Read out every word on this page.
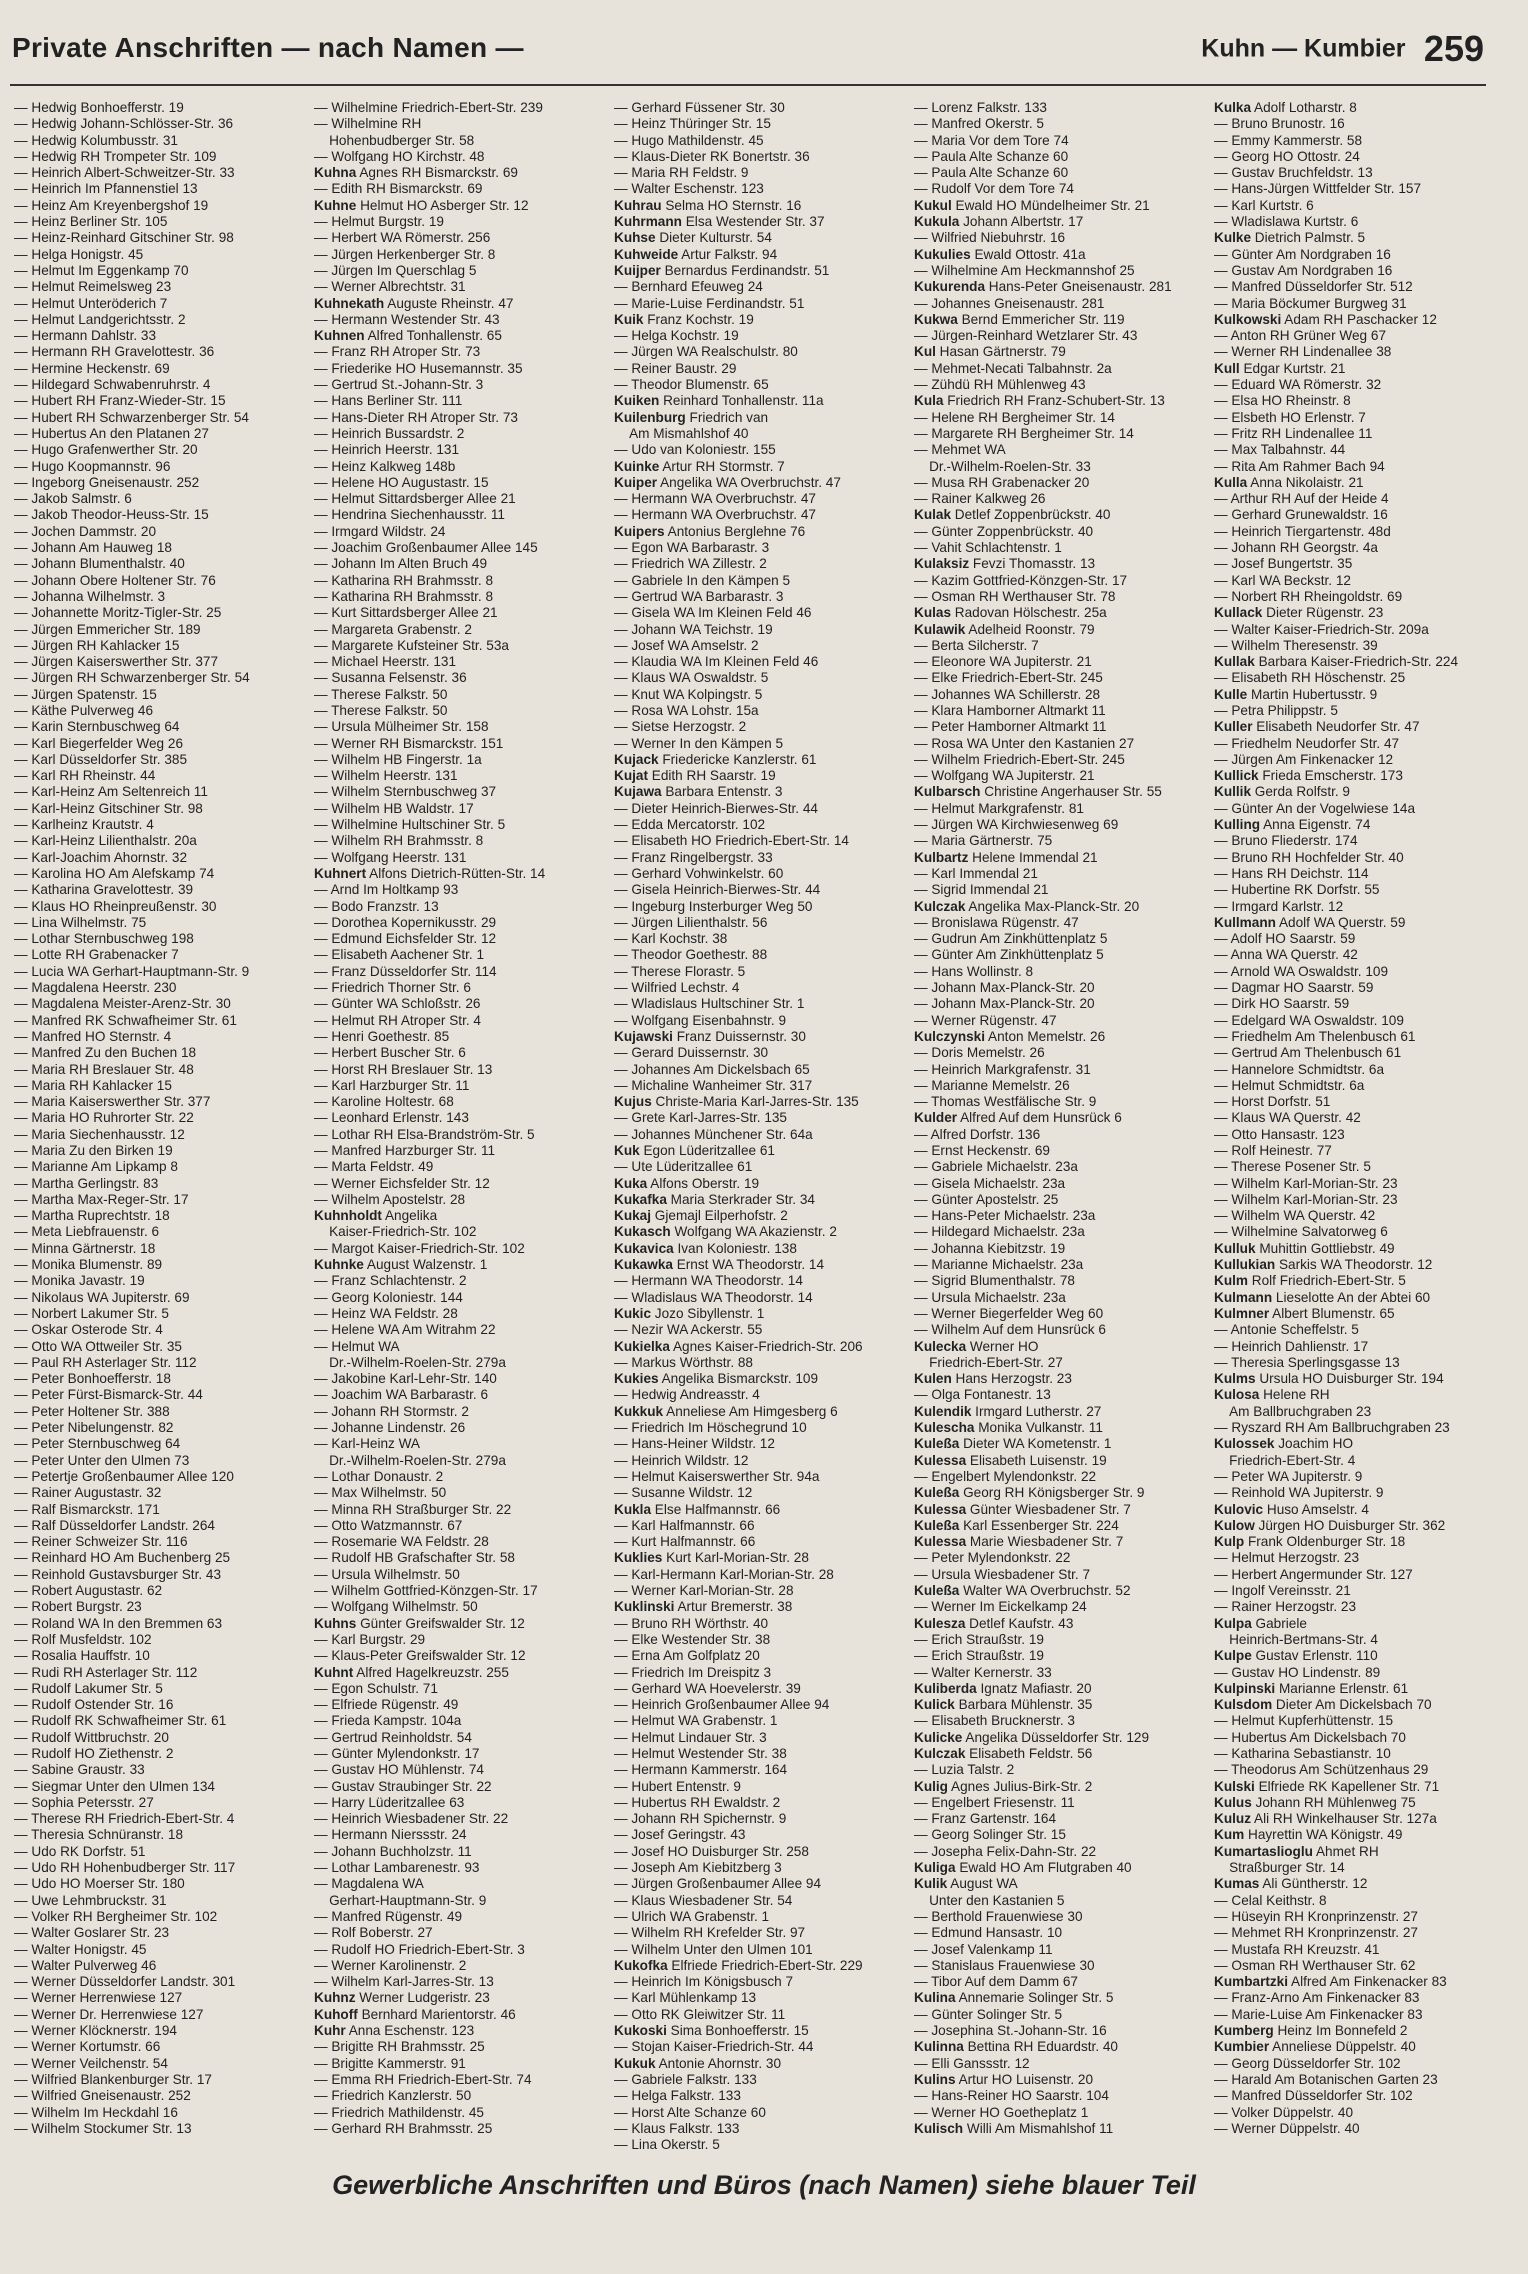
Private Anschriften — nach Namen —	Kuhn — Kumbier 259
— Hedwig Bonhoefferstr. 19
— Hedwig Johann-Schlösser-Str. 36
— Hedwig Kolumbusstr. 31
— Hedwig RH Trompeter Str. 109
— Heinrich Albert-Schweitzer-Str. 33
— Heinrich Im Pfannenstiel 13
— Heinz Am Kreyenbergshof 19
— Heinz Berliner Str. 105
— Heinz-Reinhard Gitschiner Str. 98
— Helga Honigstr. 45
— Helmut Im Eggenkamp 70
— Helmut Reimelsweg 23
— Helmut Unteröderich 7
— Helmut Landgerichtsstr. 2
— Hermann Dahlstr. 33
— Hermann RH Gravelottestr. 36
— Hermine Heckenstr. 69
— Hildegard Schwabenruhrstr. 4
— Hubert RH Franz-Wieder-Str. 15
— Hubert RH Schwarzenberger Str. 54
— Hubertus An den Platanen 27
— Hugo Grafenwerther Str. 20
— Hugo Koopmannstr. 96
— Ingeborg Gneisenaustr. 252
— Jakob Salmstr. 6
— Jakob Theodor-Heuss-Str. 15
— Jochen Dammstr. 20
— Johann Am Hauweg 18
— Johann Blumenthalstr. 40
— Johann Obere Holtener Str. 76
— Johanna Wilhelmstr. 3
— Johannette Moritz-Tigler-Str. 25
— Jürgen Emmericher Str. 189
— Jürgen RH Kahlacker 15
— Jürgen Kaiserswerther Str. 377
— Jürgen RH Schwarzenberger Str. 54
— Jürgen Spatenstr. 15
— Käthe Pulverweg 46
— Karin Sternbuschweg 64
— Karl Biegerfelder Weg 26
— Karl Düsseldorfer Str. 385
— Karl RH Rheinstr. 44
— Karl-Heinz Am Seltenreich 11
— Karl-Heinz Gitschiner Str. 98
— Karlheinz Krautstr. 4
— Karl-Heinz Lilienthalstr. 20a
— Karl-Joachim Ahornstr. 32
— Karolina HO Am Alefskamp 74
— Katharina Gravelottestr. 39
— Klaus HO Rheinpreußenstr. 30
— Lina Wilhelmstr. 75
— Lothar Sternbuschweg 198
— Lotte RH Grabenacker 7
— Lucia WA Gerhart-Hauptmann-Str. 9
— Magdalena Heerstr. 230
— Magdalena Meister-Arenz-Str. 30
— Manfred RK Schwafheimer Str. 61
— Manfred HO Sternstr. 4
— Manfred Zu den Buchen 18
— Maria RH Breslauer Str. 48
— Maria RH Kahlacker 15
— Maria Kaiserswerther Str. 377
— Maria HO Ruhrorter Str. 22
— Maria Siechenhausstr. 12
— Maria Zu den Birken 19
— Marianne Am Lipkamp 8
— Martha Gerlingstr. 83
— Martha Max-Reger-Str. 17
— Martha Ruprechtstr. 18
— Meta Liebfrauenstr. 6
— Minna Gärtnerstr. 18
— Monika Blumenstr. 89
— Monika Javastr. 19
— Nikolaus WA Jupiterstr. 69
— Norbert Lakumer Str. 5
— Oskar Osterode Str. 4
— Otto WA Ottweiler Str. 35
— Paul RH Asterlager Str. 112
— Peter Bonhoefferstr. 18
— Peter Fürst-Bismarck-Str. 44
— Peter Holtener Str. 388
— Peter Nibelungenstr. 82
— Peter Sternbuschweg 64
— Peter Unter den Ulmen 73
— Petertje Großenbaumer Allee 120
— Rainer Augustastr. 32
— Ralf Bismarckstr. 171
— Ralf Düsseldorfer Landstr. 264
— Reiner Schweizer Str. 116
— Reinhard HO Am Buchenberg 25
— Reinhold Gustavsburger Str. 43
— Robert Augustastr. 62
— Robert Burgstr. 23
— Roland WA In den Bremmen 63
— Rolf Musfeldstr. 102
— Rosalia Hauffstr. 10
— Rudi RH Asterlager Str. 112
— Rudolf Lakumer Str. 5
— Rudolf Ostender Str. 16
— Rudolf RK Schwafheimer Str. 61
— Rudolf Wittbruchstr. 20
— Rudolf HO Ziethenstr. 2
— Sabine Graustr. 33
— Siegmar Unter den Ulmen 134
— Sophia Petersstr. 27
— Therese RH Friedrich-Ebert-Str. 4
— Theresia Schnüranstr. 18
— Udo RK Dorfstr. 51
— Udo RH Hohenbudberger Str. 117
— Udo HO Moerser Str. 180
— Uwe Lehmbruckstr. 31
— Volker RH Bergheimer Str. 102
— Walter Goslarer Str. 23
— Walter Honigstr. 45
— Walter Pulverweg 46
— Werner Düsseldorfer Landstr. 301
— Werner Herrenwiese 127
— Werner Dr. Herrenwiese 127
— Werner Klöcknerstr. 194
— Werner Kortumstr. 66
— Werner Veilchenstr. 54
— Wilfried Blankenburger Str. 17
— Wilfried Gneisenaustr. 252
— Wilhelm Im Heckdahl 16
— Wilhelm Stockumer Str. 13
— Wilhelmine Friedrich-Ebert-Str. 239
— Wilhelmine RH
Hohenbudberger Str. 58
— Wolfgang HO Kirchstr. 48
Kuhna Agnes RH Bismarckstr. 69
— Edith RH Bismarckstr. 69
Kuhne Helmut HO Asberger Str. 12
— Helmut Burgstr. 19
— Herbert WA Römerstr. 256
— Jürgen Herkenberger Str. 8
— Jürgen Im Querschlag 5
— Werner Albrechtstr. 31
Kuhnekath Auguste Rheinstr. 47
— Hermann Westender Str. 43
Kuhnen Alfred Tonhallenstr. 65
— Franz RH Atroper Str. 73
— Friederike HO Husemannstr. 35
— Gertrud St.-Johann-Str. 3
— Hans Berliner Str. 111
— Hans-Dieter RH Atroper Str. 73
— Heinrich Bussardstr. 2
— Heinrich Heerstr. 131
— Heinz Kalkweg 148b
— Helene HO Augustastr. 15
— Helmut Sittardsberger Allee 21
— Hendrina Siechenhausstr. 11
— Irmgard Wildstr. 24
— Joachim Großenbaumer Allee 145
— Johann Im Alten Bruch 49
— Katharina RH Brahmsstr. 8
— Katharina RH Brahmsstr. 8
— Kurt Sittardsberger Allee 21
— Margareta Grabenstr. 2
— Margarete Kufsteiner Str. 53a
— Michael Heerstr. 131
— Susanna Felsenstr. 36
— Therese Falkstr. 50
— Therese Falkstr. 50
— Ursula Mülheimer Str. 158
— Werner RH Bismarckstr. 151
— Wilhelm HB Fingerstr. 1a
— Wilhelm Heerstr. 131
— Wilhelm Sternbuschweg 37
— Wilhelm HB Waldstr. 17
— Wilhelmine Hultschiner Str. 5
— Wilhelm RH Brahmsstr. 8
— Wolfgang Heerstr. 131
Kuhnert Alfons Dietrich-Rütten-Str. 14
— Arnd Im Holtkamp 93
— Bodo Franzstr. 13
— Dorothea Kopernikusstr. 29
— Edmund Eichsfelder Str. 12
— Elisabeth Aachener Str. 1
— Franz Düsseldorfer Str. 114
— Friedrich Thorner Str. 6
— Günter WA Schloßstr. 26
— Helmut RH Atroper Str. 4
— Henri Goethestr. 85
— Herbert Buscher Str. 6
— Horst RH Breslauer Str. 13
— Karl Harzburger Str. 11
— Karoline Holtestr. 68
— Leonhard Erlenstr. 143
— Lothar RH Elsa-Brandström-Str. 5
— Manfred Harzburger Str. 11
— Marta Feldstr. 49
— Werner Eichsfelder Str. 12
— Wilhelm Apostelstr. 28
Kuhnholdt Angelika
Kaiser-Friedrich-Str. 102
— Margot Kaiser-Friedrich-Str. 102
Kuhnke August Walzenstr. 1
— Franz Schlachtenstr. 2
— Georg Koloniestr. 144
— Heinz WA Feldstr. 28
— Helene WA Am Witrahm 22
— Helmut WA
Dr.-Wilhelm-Roelen-Str. 279a
— Jakobine Karl-Lehr-Str. 140
— Joachim WA Barbarastr. 6
— Johann RH Stormstr. 2
— Johanne Lindenstr. 26
— Karl-Heinz WA
Dr.-Wilhelm-Roelen-Str. 279a
— Lothar Donaustr. 2
— Max Wilhelmstr. 50
— Minna RH Straßburger Str. 22
— Otto Watzmannstr. 67
— Rosemarie WA Feldstr. 28
— Rudolf HB Grafschafter Str. 58
— Ursula Wilhelmstr. 50
— Wilhelm Gottfried-Könzgen-Str. 17
— Wolfgang Wilhelmstr. 50
Kuhns Günter Greifswalder Str. 12
— Karl Burgstr. 29
— Klaus-Peter Greifswalder Str. 12
Kuhnt Alfred Hagelkreuzstr. 255
— Egon Schulstr. 71
— Elfriede Rügenstr. 49
— Frieda Kampstr. 104a
— Gertrud Reinholdstr. 54
— Günter Mylendonkstr. 17
— Gustav HO Mühlenstr. 74
— Gustav Straubinger Str. 22
— Harry Lüderitzallee 63
— Heinrich Wiesbadener Str. 22
— Hermann Nierssstr. 24
— Johann Buchholzstr. 11
— Lothar Lambarenestr. 93
— Magdalena WA
Gerhart-Hauptmann-Str. 9
— Manfred Rügenstr. 49
— Rolf Boberstr. 27
— Rudolf HO Friedrich-Ebert-Str. 3
— Werner Karolinenstr. 2
— Wilhelm Karl-Jarres-Str. 13
Kuhnz Werner Ludgeristr. 23
Kuhoff Bernhard Marientorstr. 46
Kuhr Anna Eschenstr. 123
— Brigitte RH Brahmsstr. 25
— Brigitte Kammerstr. 91
— Emma RH Friedrich-Ebert-Str. 74
— Friedrich Kanzlerstr. 50
— Friedrich Mathildenstr. 45
— Gerhard RH Brahmsstr. 25
— Gerhard Füssener Str. 30
— Heinz Thüringer Str. 15
— Hugo Mathildenstr. 45
— Klaus-Dieter RK Bonertstr. 36
— Maria RH Feldstr. 9
— Walter Eschenstr. 123
Kuhrau Selma HO Sternstr. 16
Kuhrmann Elsa Westender Str. 37
Kuhse Dieter Kulturstr. 54
Kuhweide Artur Falkstr. 94
Kuijper Bernardus Ferdinandstr. 51
— Bernhard Efeuweg 24
— Marie-Luise Ferdinandstr. 51
Kuik Franz Kochstr. 19
— Helga Kochstr. 19
— Jürgen WA Realschulstr. 80
— Reiner Baustr. 29
— Theodor Blumenstr. 65
Kuiken Reinhard Tonhallenstr. 11a
Kuilenburg Friedrich van
Am Mismahlshof 40
— Udo van Koloniestr. 155
Kuinke Artur RH Stormstr. 7
Kuiper Angelika WA Overbruchstr. 47
— Hermann WA Overbruchstr. 47
— Hermann WA Overbruchstr. 47
Kuipers Antonius Berglehne 76
— Egon WA Barbarastr. 3
— Friedrich WA Zillestr. 2
— Gabriele In den Kämpen 5
— Gertrud WA Barbarastr. 3
— Gisela WA Im Kleinen Feld 46
— Johann WA Teichstr. 19
— Josef WA Amselstr. 2
— Klaudia WA Im Kleinen Feld 46
— Klaus WA Oswaldstr. 5
— Knut WA Kolpingstr. 5
— Rosa WA Lohstr. 15a
— Sietse Herzogstr. 2
— Werner In den Kämpen 5
Kujack Friedericke Kanzlerstr. 61
Kujat Edith RH Saarstr. 19
Kujawa Barbara Entenstr. 3
— Dieter Heinrich-Bierwes-Str. 44
— Edda Mercatorstr. 102
— Elisabeth HO Friedrich-Ebert-Str. 14
— Franz Ringelbergstr. 33
— Gerhard Vohwinkelstr. 60
— Gisela Heinrich-Bierwes-Str. 44
— Ingeburg Insterburger Weg 50
— Jürgen Lilienthalstr. 56
— Karl Kochstr. 38
— Theodor Goethestr. 88
— Therese Florastr. 5
— Wilfried Lechstr. 4
— Wladislaus Hultschiner Str. 1
— Wolfgang Eisenbahnstr. 9
Kujawski Franz Duissernstr. 30
— Gerard Duissernstr. 30
— Johannes Am Dickelsbach 65
— Michaline Wanheimer Str. 317
Kujus Christe-Maria Karl-Jarres-Str. 135
— Grete Karl-Jarres-Str. 135
— Johannes Münchener Str. 64a
Kuk Egon Lüderitzallee 61
— Ute Lüderitzallee 61
Kuka Alfons Oberstr. 19
Kukafka Maria Sterkrader Str. 34
Kukaj Gjemajl Eilperhofstr. 2
Kukasch Wolfgang WA Akazienstr. 2
Kukavica Ivan Koloniestr. 138
Kukawka Ernst WA Theodorstr. 14
— Hermann WA Theodorstr. 14
— Wladislaus WA Theodorstr. 14
Kukic Jozo Sibyllenstr. 1
— Nezir WA Ackerstr. 55
Kukielka Agnes Kaiser-Friedrich-Str. 206
— Markus Wörthstr. 88
Kukies Angelika Bismarckstr. 109
— Hedwig Andreasstr. 4
Kukkuk Anneliese Am Himgesberg 6
— Friedrich Im Höschegrund 10
— Hans-Heiner Wildstr. 12
— Heinrich Wildstr. 12
— Helmut Kaiserswerther Str. 94a
— Susanne Wildstr. 12
Kukla Else Halfmannstr. 66
— Karl Halfmannstr. 66
— Kurt Halfmannstr. 66
Kuklies Kurt Karl-Morian-Str. 28
— Karl-Hermann Karl-Morian-Str. 28
— Werner Karl-Morian-Str. 28
Kuklinski Artur Bremerstr. 38
— Bruno RH Wörthstr. 40
— Elke Westender Str. 38
— Erna Am Golfplatz 20
— Friedrich Im Dreispitz 3
— Gerhard WA Hoevelerstr. 39
— Heinrich Großenbaumer Allee 94
— Helmut WA Grabenstr. 1
— Helmut Lindauer Str. 3
— Helmut Westender Str. 38
— Hermann Kammerstr. 164
— Hubert Entenstr. 9
— Hubertus RH Ewaldstr. 2
— Johann RH Spichernstr. 9
— Josef Geringstr. 43
— Josef HO Duisburger Str. 258
— Joseph Am Kiebitzberg 3
— Jürgen Großenbaumer Allee 94
— Klaus Wiesbadener Str. 54
— Ulrich WA Grabenstr. 1
— Wilhelm RH Krefelder Str. 97
— Wilhelm Unter den Ulmen 101
Kukofka Elfriede Friedrich-Ebert-Str. 229
— Heinrich Im Königsbusch 7
— Karl Mühlenkamp 13
— Otto RK Gleiwitzer Str. 11
Kukoski Sima Bonhoefferstr. 15
— Stojan Kaiser-Friedrich-Str. 44
Kukuk Antonie Ahornstr. 30
— Gabriele Falkstr. 133
— Helga Falkstr. 133
— Horst Alte Schanze 60
— Klaus Falkstr. 133
— Lina Okerstr. 5
— Lorenz Falkstr. 133
— Manfred Okerstr. 5
— Maria Vor dem Tore 74
— Paula Alte Schanze 60
— Paula Alte Schanze 60
— Rudolf Vor dem Tore 74
Kukul Ewald HO Mündelheimer Str. 21
Kukula Johann Albertstr. 17
— Wilfried Niebuhrstr. 16
Kukulies Ewald Ottostr. 41a
— Wilhelmine Am Heckmannshof 25
Kukurenda Hans-Peter Gneisenaustr. 281
— Johannes Gneisenaustr. 281
Kukwa Bernd Emmericher Str. 119
— Jürgen-Reinhard Wetzlarer Str. 43
Kul Hasan Gärtnerstr. 79
— Mehmet-Necati Talbahnstr. 2a
— Zühdü RH Mühlenweg 43
Kula Friedrich RH Franz-Schubert-Str. 13
— Helene RH Bergheimer Str. 14
— Margarete RH Bergheimer Str. 14
— Mehmet WA
Dr.-Wilhelm-Roelen-Str. 33
— Musa RH Grabenacker 20
— Rainer Kalkweg 26
Kulak Detlef Zoppenbrückstr. 40
— Günter Zoppenbrückstr. 40
— Vahit Schlachtenstr. 1
Kulaksiz Fevzi Thomasstr. 13
— Kazim Gottfried-Könzgen-Str. 17
— Osman RH Werthauser Str. 78
Kulas Radovan Hölschestr. 25a
Kulawik Adelheid Roonstr. 79
— Berta Silcherstr. 7
— Eleonore WA Jupiterstr. 21
— Elke Friedrich-Ebert-Str. 245
— Johannes WA Schillerstr. 28
— Klara Hamborner Altmarkt 11
— Peter Hamborner Altmarkt 11
— Rosa WA Unter den Kastanien 27
— Wilhelm Friedrich-Ebert-Str. 245
— Wolfgang WA Jupiterstr. 21
Kulbarsch Christine Angerhauser Str. 55
— Helmut Markgrafenstr. 81
— Jürgen WA Kirchwiesenweg 69
— Maria Gärtnerstr. 75
Kulbartz Helene Immendal 21
— Karl Immendal 21
— Sigrid Immendal 21
Kulczak Angelika Max-Planck-Str. 20
— Bronislawa Rügenstr. 47
— Gudrun Am Zinkhüttenplatz 5
— Günter Am Zinkhüttenplatz 5
— Hans Wollinstr. 8
— Johann Max-Planck-Str. 20
— Johann Max-Planck-Str. 20
— Werner Rügenstr. 47
Kulczynski Anton Memelstr. 26
— Doris Memelstr. 26
— Heinrich Markgrafenstr. 31
— Marianne Memelstr. 26
— Thomas Westfälische Str. 9
Kulder Alfred Auf dem Hunsrück 6
— Alfred Dorfstr. 136
— Ernst Heckenstr. 69
— Gabriele Michaelstr. 23a
— Gisela Michaelstr. 23a
— Günter Apostelstr. 25
— Hans-Peter Michaelstr. 23a
— Hildegard Michaelstr. 23a
— Johanna Kiebitzstr. 19
— Marianne Michaelstr. 23a
— Sigrid Blumenthalstr. 78
— Ursula Michaelstr. 23a
— Werner Biegerfelder Weg 60
— Wilhelm Auf dem Hunsrück 6
Kulecka Werner HO
Friedrich-Ebert-Str. 27
Kulen Hans Herzogstr. 23
— Olga Fontanestr. 13
Kulendik Irmgard Lutherstr. 27
Kulescha Monika Vulkanstr. 11
Kuleßa Dieter WA Kometenstr. 1
Kulessa Elisabeth Luisenstr. 19
— Engelbert Mylendonkstr. 22
Kuleßa Georg RH Königsberger Str. 9
Kulessa Günter Wiesbadener Str. 7
Kuleßa Karl Essenberger Str. 224
Kulessa Marie Wiesbadener Str. 7
— Peter Mylendonkstr. 22
— Ursula Wiesbadener Str. 7
Kuleßa Walter WA Overbruchstr. 52
— Werner Im Eickelkamp 24
Kulesza Detlef Kaufstr. 43
— Erich Straußstr. 19
— Erich Straußstr. 19
— Walter Kernerstr. 33
Kuliberda Ignatz Mafiastr. 20
Kulick Barbara Mühlenstr. 35
— Elisabeth Brucknerstr. 3
Kulicke Angelika Düsseldorfer Str. 129
Kulczak Elisabeth Feldstr. 56
— Luzia Talstr. 2
Kulig Agnes Julius-Birk-Str. 2
— Engelbert Friesenstr. 11
— Franz Gartenstr. 164
— Georg Solinger Str. 15
— Josepha Felix-Dahn-Str. 22
Kuliga Ewald HO Am Flutgraben 40
Kulik August WA
Unter den Kastanien 5
— Berthold Frauenwiese 30
— Edmund Hansastr. 10
— Josef Valenkamp 11
— Stanislaus Frauenwiese 30
— Tibor Auf dem Damm 67
Kulina Annemarie Solinger Str. 5
— Günter Solinger Str. 5
— Josephina St.-Johann-Str. 16
Kulinna Bettina RH Eduardstr. 40
— Elli Ganssstr. 12
Kulins Artur HO Luisenstr. 20
— Hans-Reiner HO Saarstr. 104
— Werner HO Goetheplatz 1
Kulisch Willi Am Mismahlshof 11
Kulka Adolf Lotharstr. 8
— Bruno Brunostr. 16
— Emmy Kammerstr. 58
— Georg HO Ottostr. 24
— Gustav Bruchfeldstr. 13
— Hans-Jürgen Wittfelder Str. 157
— Karl Kurtstr. 6
— Wladislawa Kurtstr. 6
Kulke Dietrich Palmstr. 5
— Günter Am Nordgraben 16
— Gustav Am Nordgraben 16
— Manfred Düsseldorfer Str. 512
— Maria Böckumer Burgweg 31
Kulkowski Adam RH Paschacker 12
— Anton RH Grüner Weg 67
— Werner RH Lindenallee 38
Kull Edgar Kurtstr. 21
— Eduard WA Römerstr. 32
— Elsa HO Rheinstr. 8
— Elsbeth HO Erlenstr. 7
— Fritz RH Lindenallee 11
— Max Talbahnstr. 44
— Rita Am Rahmer Bach 94
Kulla Anna Nikolaistr. 21
— Arthur RH Auf der Heide 4
— Gerhard Grunewaldstr. 16
— Heinrich Tiergartenstr. 48d
— Johann RH Georgstr. 4a
— Josef Bungertstr. 35
— Karl WA Beckstr. 12
— Norbert RH Rheingoldstr. 69
Kullack Dieter Rügenstr. 23
— Walter Kaiser-Friedrich-Str. 209a
— Wilhelm Theresenstr. 39
Kullak Barbara Kaiser-Friedrich-Str. 224
— Elisabeth RH Höschenstr. 25
Kulle Martin Hubertusstr. 9
— Petra Philippstr. 5
Kuller Elisabeth Neudorfer Str. 47
— Friedhelm Neudorfer Str. 47
— Jürgen Am Finkenacker 12
Kullick Frieda Emscherstr. 173
Kullik Gerda Rolfstr. 9
— Günter An der Vogelwiese 14a
Kulling Anna Eigenstr. 74
— Bruno Fliederstr. 174
— Bruno RH Hochfelder Str. 40
— Hans RH Deichstr. 114
— Hubertine RK Dorfstr. 55
— Irmgard Karlstr. 12
Kullmann Adolf WA Querstr. 59
— Adolf HO Saarstr. 59
— Anna WA Querstr. 42
— Arnold WA Oswaldstr. 109
— Dagmar HO Saarstr. 59
— Dirk HO Saarstr. 59
— Edelgard WA Oswaldstr. 109
— Friedhelm Am Thelenbusch 61
— Gertrud Am Thelenbusch 61
— Hannelore Schmidtstr. 6a
— Helmut Schmidtstr. 6a
— Horst Dorfstr. 51
— Klaus WA Querstr. 42
— Otto Hansastr. 123
— Rolf Heinestr. 77
— Therese Posener Str. 5
— Wilhelm Karl-Morian-Str. 23
— Wilhelm Karl-Morian-Str. 23
— Wilhelm WA Querstr. 42
— Wilhelmine Salvatorweg 6
Kulluk Muhittin Gottliebstr. 49
Kullukian Sarkis WA Theodorstr. 12
Kulm Rolf Friedrich-Ebert-Str. 5
Kulmann Lieselotte An der Abtei 60
Kulmner Albert Blumenstr. 65
— Antonie Scheffelstr. 5
— Heinrich Dahlienstr. 17
— Theresia Sperlingsgasse 13
Kulms Ursula HO Duisburger Str. 194
Kulosa Helene RH
Am Ballbruchgraben 23
— Ryszard RH Am Ballbruchgraben 23
Kulossek Joachim HO
Friedrich-Ebert-Str. 4
— Peter WA Jupiterstr. 9
— Reinhold WA Jupiterstr. 9
Kulovic Huso Amselstr. 4
Kulow Jürgen HO Duisburger Str. 362
Kulp Frank Oldenburger Str. 18
— Helmut Herzogstr. 23
— Herbert Angermunder Str. 127
— Ingolf Vereinsstr. 21
— Rainer Herzogstr. 23
Kulpa Gabriele
Heinrich-Bertmans-Str. 4
Kulpe Gustav Erlenstr. 110
— Gustav HO Lindenstr. 89
Kulpinski Marianne Erlenstr. 61
Kulsdom Dieter Am Dickelsbach 70
— Helmut Kupferhüttenstr. 15
— Hubertus Am Dickelsbach 70
— Katharina Sebastianstr. 10
— Theodorus Am Schützenhaus 29
Kulski Elfriede RK Kapellener Str. 71
Kulus Johann RH Mühlenweg 75
Kuluz Ali RH Winkelhauser Str. 127a
Kum Hayrettin WA Königstr. 49
Kumartaslioglu Ahmet RH
Straßburger Str. 14
Kumas Ali Güntherstr. 12
— Celal Keithstr. 8
— Hüseyin RH Kronprinzenstr. 27
— Mehmet RH Kronprinzenstr. 27
— Mustafa RH Kreuzstr. 41
— Osman RH Werthauser Str. 62
Kumbartzki Alfred Am Finkenacker 83
— Franz-Arno Am Finkenacker 83
— Marie-Luise Am Finkenacker 83
Kumberg Heinz Im Bonnefeld 2
Kumbier Anneliese Düppelstr. 40
— Georg Düsseldorfer Str. 102
— Harald Am Botanischen Garten 23
— Manfred Düsseldorfer Str. 102
— Volker Düppelstr. 40
— Werner Düppelstr. 40
Gewerbliche Anschriften und Büros (nach Namen) siehe blauer Teil
